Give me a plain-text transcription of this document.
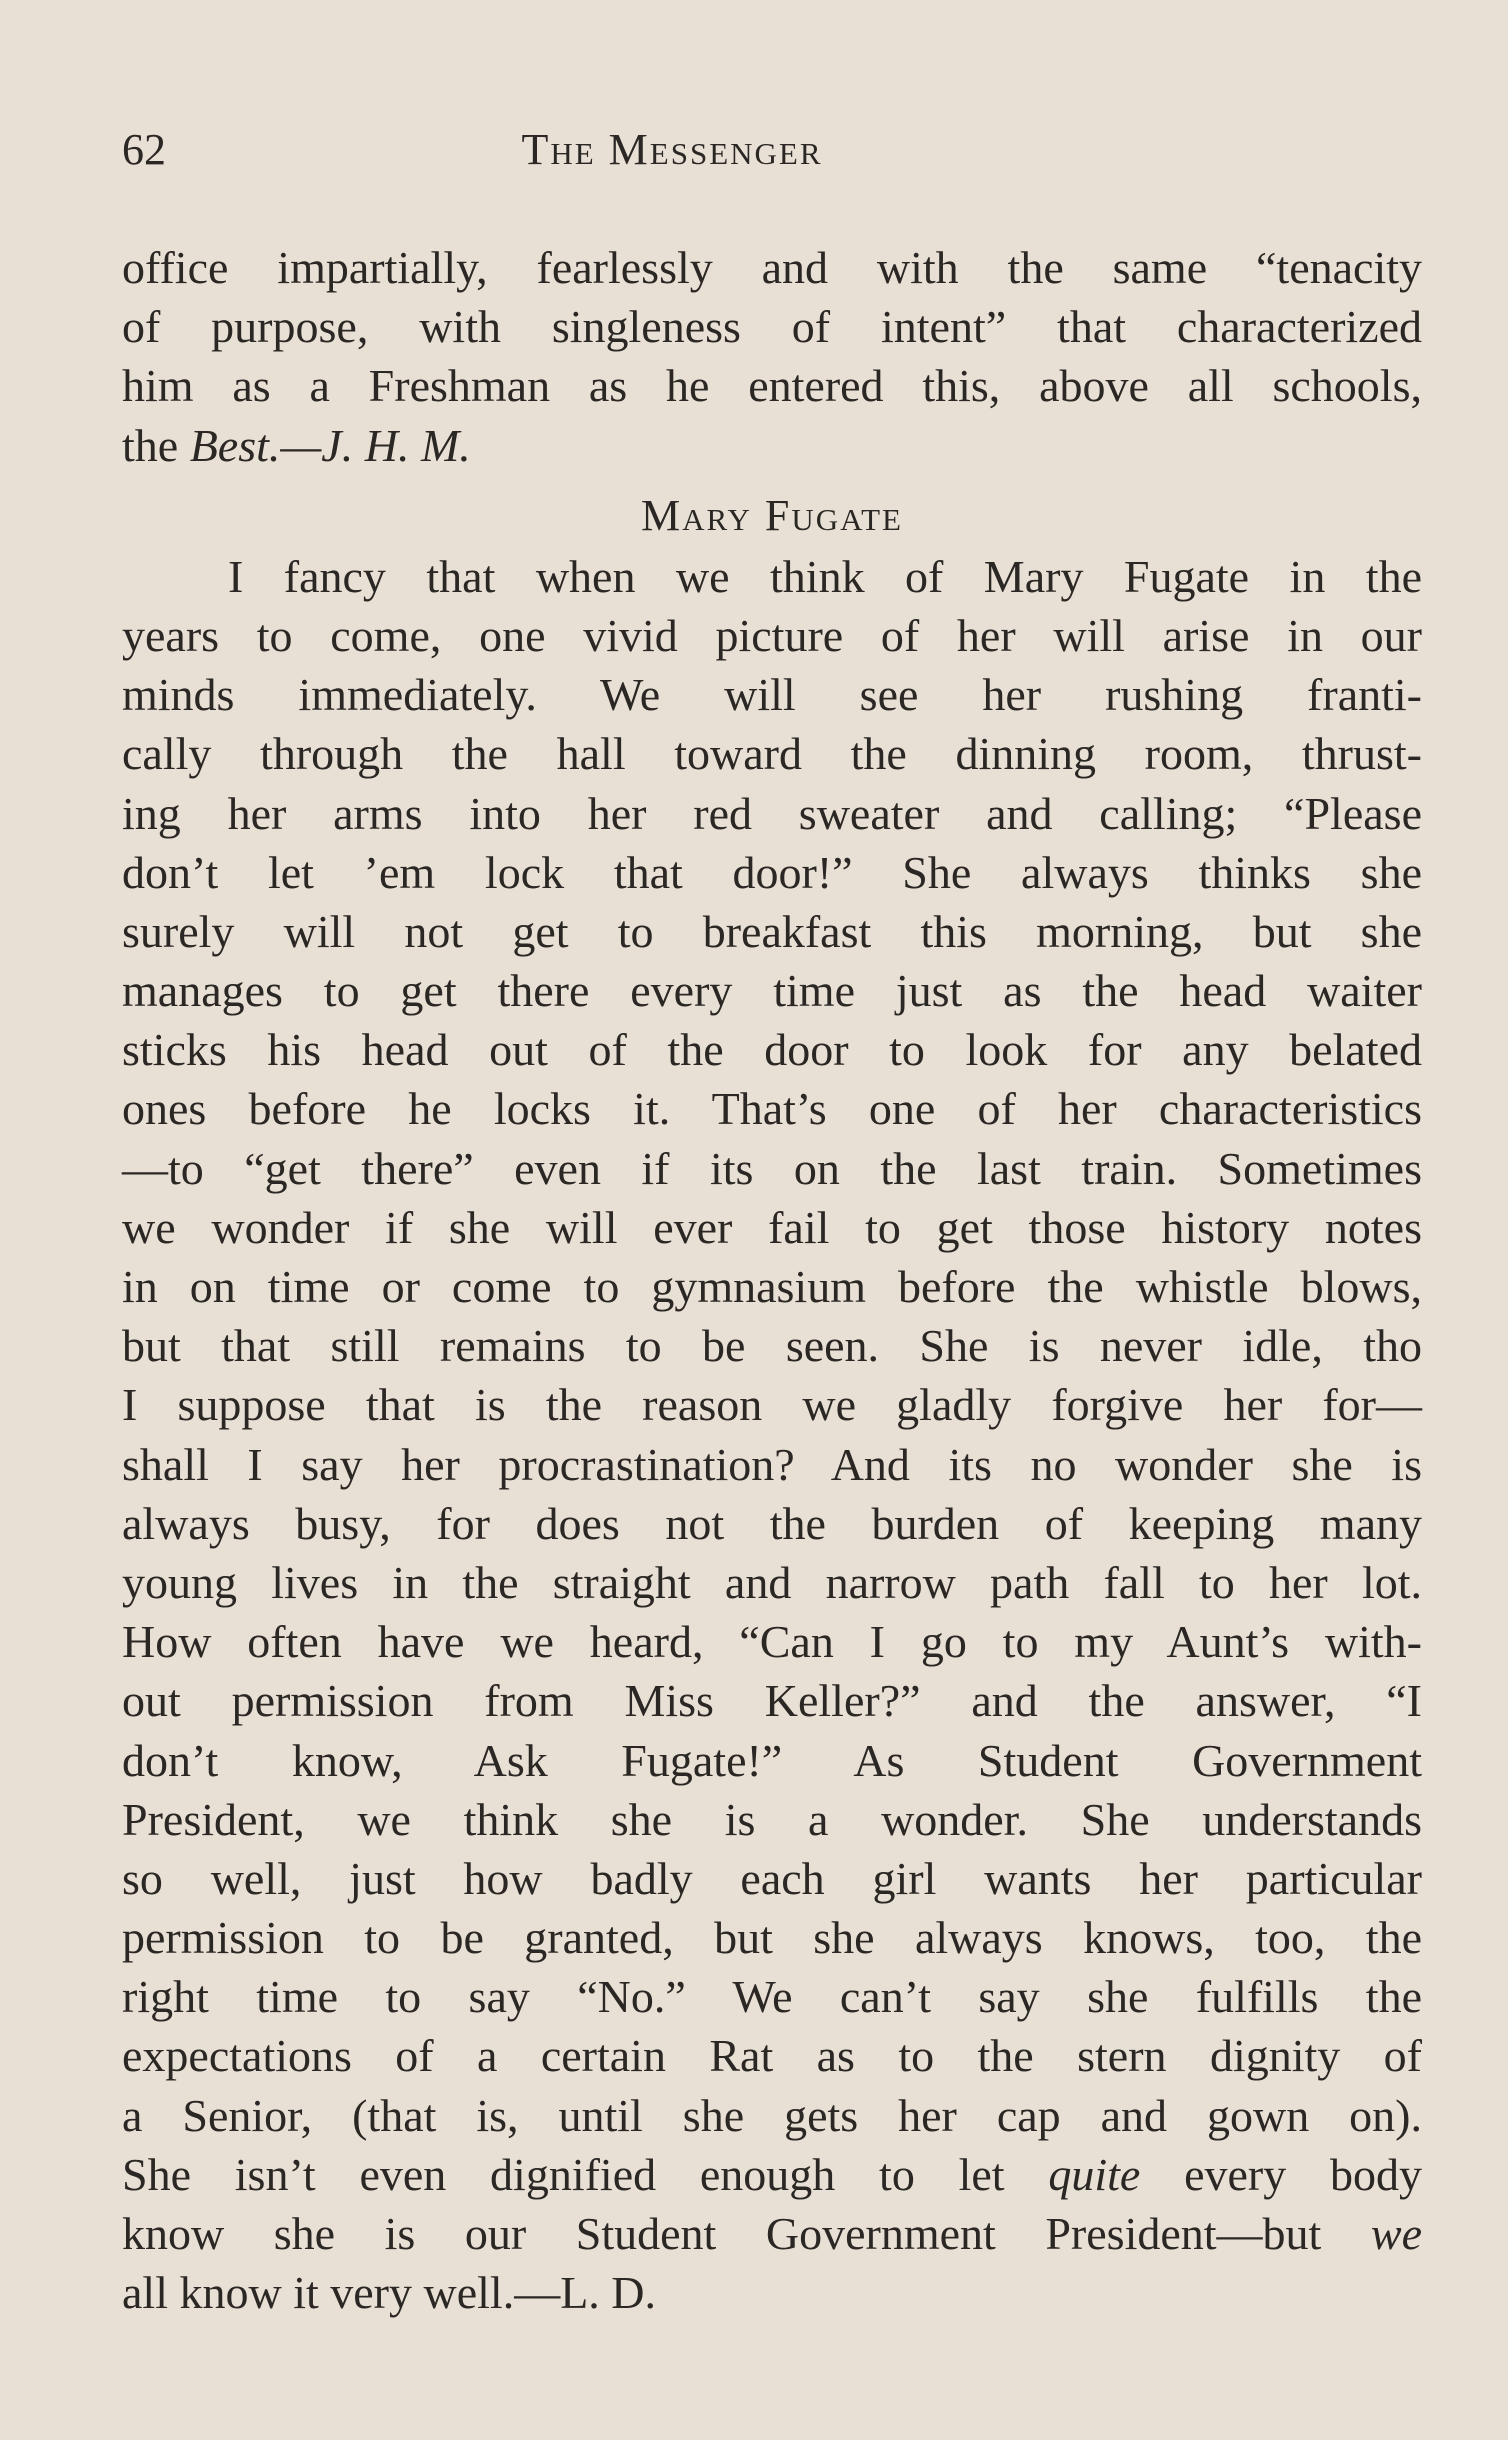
62	The Messenger
office impartially, fearlessly and with the same “tenacity
of purpose, with singleness of intent” that characterized
him as a Freshman as he entered this, above all schools,
the Best.—J. H. M.
Mary Fugate
I fancy that when we think of Mary Fugate in the
years to come, one vivid picture of her will arise in our
minds immediately. We will see her rushing franti-
cally through the hall toward the dinning room, thrust-
ing her arms into her red sweater and calling; “Please
don’t let ’em lock that door!” She always thinks she
surely will not get to breakfast this morning, but she
manages to get there every time just as the head waiter
sticks his head out of the door to look for any belated
ones before he locks it. That’s one of her characteristics
—to “get there” even if its on the last train. Sometimes
we wonder if she will ever fail to get those history notes
in on time or come to gymnasium before the whistle blows,
but that still remains to be seen. She is never idle, tho
I suppose that is the reason we gladly forgive her for—
shall I say her procrastination? And its no wonder she is
always busy, for does not the burden of keeping many
young lives in the straight and narrow path fall to her lot.
How often have we heard, “Can I go to my Aunt’s with-
out permission from Miss Keller?” and the answer, “I
don’t know, Ask Fugate!” As Student Government
President, we think she is a wonder. She understands
so well, just how badly each girl wants her particular
permission to be granted, but she always knows, too, the
right time to say “No.” We can’t say she fulfills the
expectations of a certain Rat as to the stern dignity of
a Senior, (that is, until she gets her cap and gown on).
She isn’t even dignified enough to let quite every body
know she is our Student Government President—but we
all know it very well.—L. D.
